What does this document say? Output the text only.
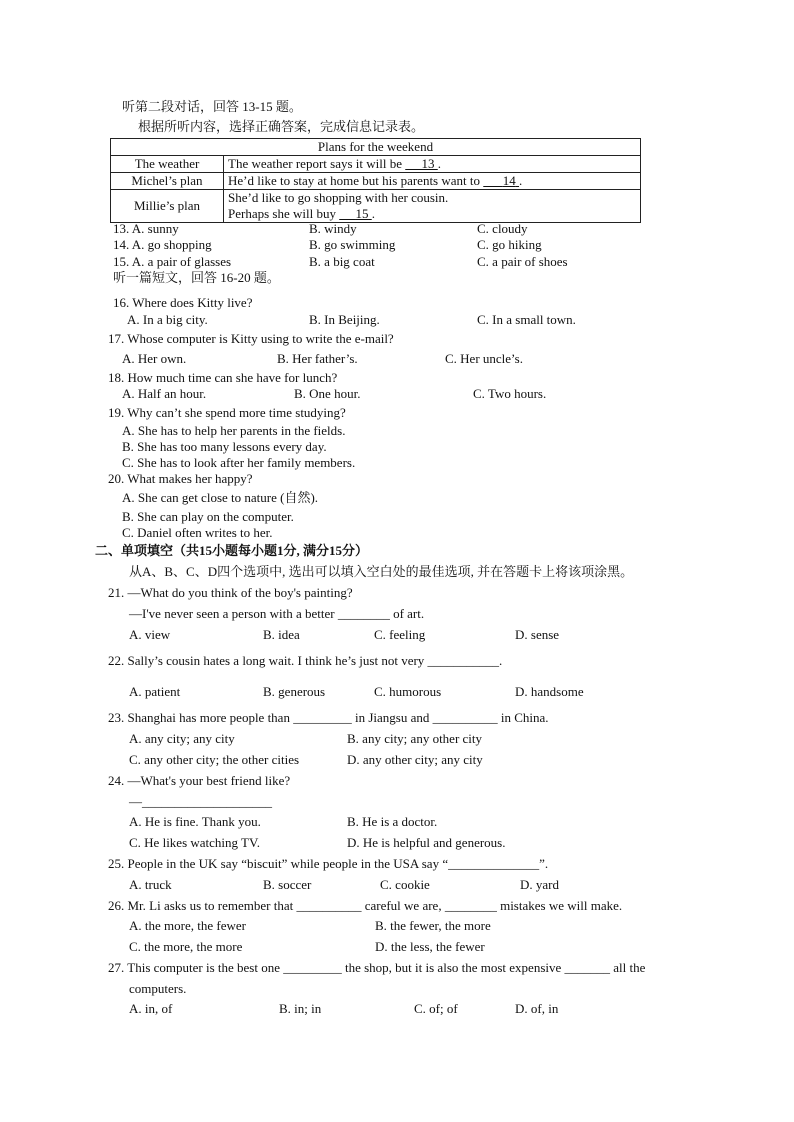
听第二段对话，回答 13-15 题。
根据所听内容，选择正确答案，完成信息记录表。
Plans for the weekend	
The weather	The weather report says it will be      13 .
Michel’s plan	He’d like to stay at home but his parents want to       14 .
Millie’s plan	She’d like to go shopping with her cousin.
Perhaps she will buy      15 .
13. A. sunny	B. windy	C. cloudy
14. A. go shopping	B. go swimming	C. go hiking
15. A. a pair of glasses	B. a big coat	C. a pair of shoes
听一篇短文，回答 16-20 题。
16. Where does Kitty live?
A. In a big city.	B. In Beijing.	C. In a small town.
17. Whose computer is Kitty using to write the e-mail?
A. Her own.	B. Her father’s.	C. Her uncle’s.
18. How much time can she have for lunch?
A. Half an hour.	B. One hour.	C. Two hours.
19. Why can’t she spend more time studying?
A. She has to help her parents in the fields.
B. She has too many lessons every day.
C. She has to look after her family members.
20. What makes her happy?
A. She can get close to nature (自然).
B. She can play on the computer.
C. Daniel often writes to her.
二、单项填空（共15小题每小题1分, 满分15分）
从A、B、C、D四个选项中, 选出可以填入空白处的最佳选项, 并在答题卡上将该项涂黑。
21. —What do you think of the boy's painting?
—I've never seen a person with a better ________ of art.
A. view	B. idea	C. feeling	D. sense
22. Sally’s cousin hates a long wait. I think he’s just not very ___________.
A. patient	B. generous	C. humorous	D. handsome
23. Shanghai has more people than _________ in Jiangsu and __________ in China.
A. any city; any city	B. any city; any other city
C. any other city; the other cities	D. any other city; any city
24. —What's your best friend like?
—____________________
A. He is fine. Thank you.	B. He is a doctor.
C. He likes watching TV.	D. He is helpful and generous.
25. People in the UK say “biscuit” while people in the USA say “______________”.
A. truck	B. soccer	C. cookie	D. yard
26. Mr. Li asks us to remember that __________ careful we are, ________ mistakes we will make.
A. the more, the fewer	B. the fewer, the more
C. the more, the more	D. the less, the fewer
27. This computer is the best one _________ the shop, but it is also the most expensive _______ all the
computers.
A. in, of	B. in; in	C. of; of	D. of, in
